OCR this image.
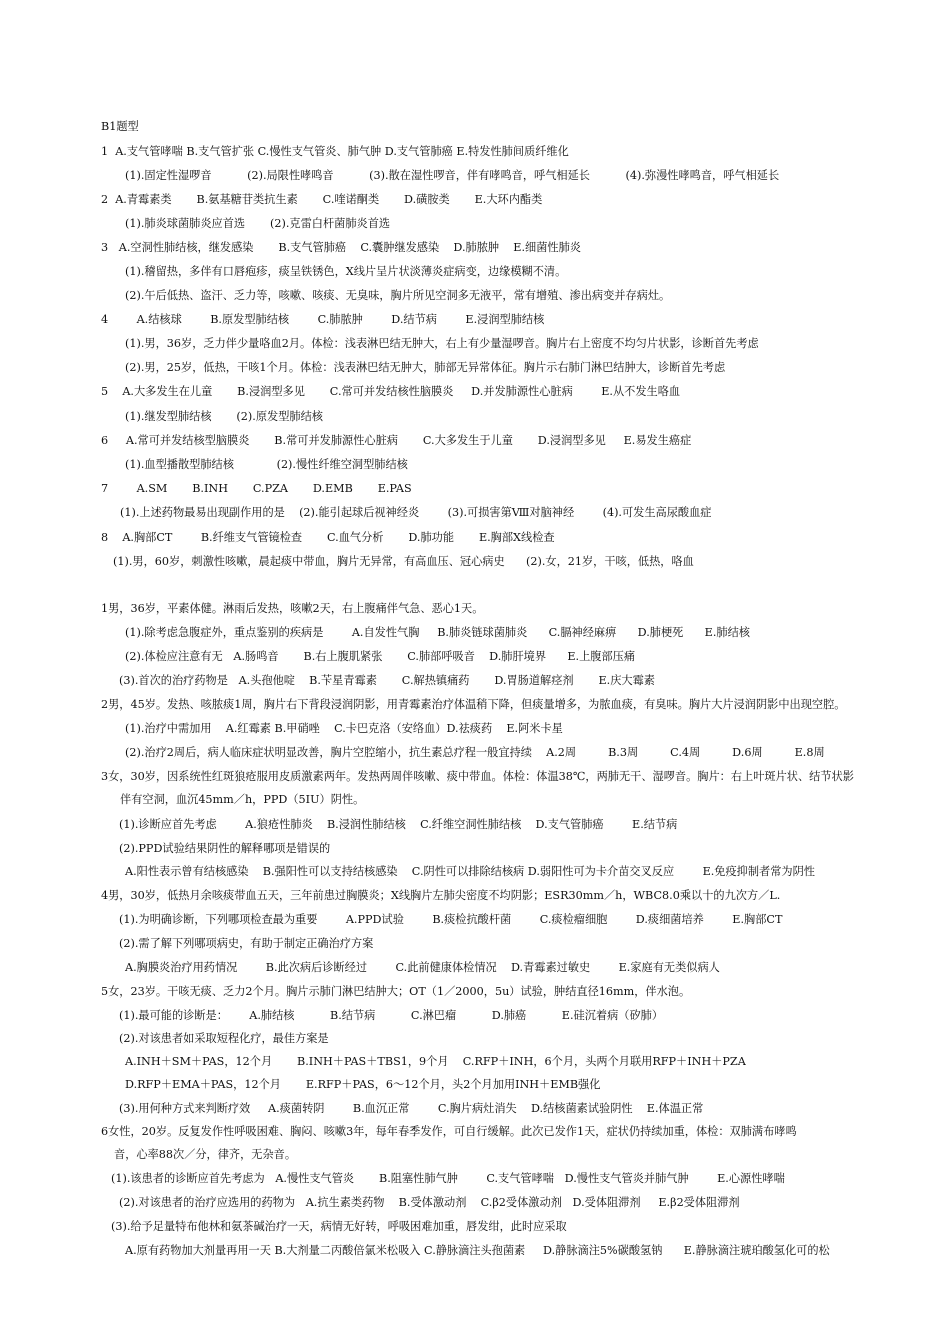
B1题型
1  A.支气管哮喘 B.支气管扩张 C.慢性支气管炎、肺气肿 D.支气管肺癌 E.特发性肺间质纤维化
(1).固定性湿啰音          (2).局限性哮鸣音          (3).散在湿性啰音，伴有哮鸣音，呼气相延长          (4).弥漫性哮鸣音，呼气相延长
2  A.青霉素类       B.氨基糖苷类抗生素       C.喹诺酮类       D.磺胺类       E.大环内酯类
(1).肺炎球菌肺炎应首选       (2).克雷白杆菌肺炎首选
3   A.空洞性肺结核，继发感染       B.支气管肺癌    C.囊肿继发感染    D.肺脓肿    E.细菌性肺炎
(1).稽留热，多伴有口唇疱疹，痰呈铁锈色，X线片呈片状淡薄炎症病变，边缘模糊不清。
(2).午后低热、盗汗、乏力等，咳嗽、咳痰、无臭味，胸片所见空洞多无液平，常有增殖、渗出病变并存病灶。
4        A.结核球        B.原发型肺结核        C.肺脓肿        D.结节病        E.浸润型肺结核
(1).男，36岁，乏力伴少量咯血2月。体检：浅表淋巴结无肿大，右上有少量湿啰音。胸片右上密度不均匀片状影，诊断首先考虑
(2).男，25岁，低热，干咳1个月。体检：浅表淋巴结无肿大，肺部无异常体征。胸片示右肺门淋巴结肿大，诊断首先考虑
5    A.大多发生在儿童       B.浸润型多见       C.常可并发结核性脑膜炎     D.并发肺源性心脏病        E.从不发生咯血
(1).继发型肺结核       (2).原发型肺结核
6     A.常可并发结核型脑膜炎       B.常可并发肺源性心脏病       C.大多发生于儿童       D.浸润型多见     E.易发生癌症
(1).血型播散型肺结核            (2).慢性纤维空洞型肺结核
7        A.SM       B.INH       C.PZA       D.EMB       E.PAS
(1).上述药物最易出现副作用的是    (2).能引起球后视神经炎        (3).可损害第Ⅷ对脑神经        (4).可发生高尿酸血症
8    A.胸部CT        B.纤维支气管镜检查       C.血气分析       D.肺功能       E.胸部X线检查
(1).男，60岁，刺激性咳嗽，晨起痰中带血，胸片无异常，有高血压、冠心病史      (2).女，21岁，干咳，低热，咯血
1男，36岁，平素体健。淋雨后发热，咳嗽2天，右上腹痛伴气急、恶心1天。
(1).除考虑急腹症外，重点鉴别的疾病是        A.自发性气胸     B.肺炎链球菌肺炎      C.膈神经麻痹      D.肺梗死      E.肺结核
(2).体检应注意有无   A.肠鸣音       B.右上腹肌紧张       C.肺部呼吸音    D.肺肝境界      E.上腹部压痛
(3).首次的治疗药物是   A.头孢他啶    B.苄星青霉素       C.解热镇痛药       D.胃肠道解痉剂       E.庆大霉素
2男，45岁。发热、咳脓痰1周，胸片右下背段浸润阴影，用青霉素治疗体温稍下降，但痰量增多，为脓血痰，有臭味。胸片大片浸润阴影中出现空腔。
(1).治疗中需加用    A.红霉素 B.甲硝唑    C.卡巴克洛（安络血）D.祛痰药    E.阿米卡星
(2).治疗2周后，病人临床症状明显改善，胸片空腔缩小，抗生素总疗程一般宜持续    A.2周         B.3周         C.4周         D.6周         E.8周
3女，30岁，因系统性红斑狼疮服用皮质激素两年。发热两周伴咳嗽、痰中带血。体检：体温38℃，两肺无干、湿啰音。胸片：右上叶斑片状、结节状影
伴有空洞，血沉45mm／h，PPD（5IU）阴性。
(1).诊断应首先考虑        A.狼疮性肺炎    B.浸润性肺结核    C.纤维空洞性肺结核    D.支气管肺癌        E.结节病
(2).PPD试验结果阴性的解释哪项是错误的
A.阳性表示曾有结核感染    B.强阳性可以支持结核感染    C.阴性可以排除结核病 D.弱阳性可为卡介苗交叉反应        E.免疫抑制者常为阴性
4男，30岁，低热月余咳痰带血五天，三年前患过胸膜炎；X线胸片左肺尖密度不均阴影；ESR30mm／h，WBC8.0乘以十的九次方／L.
(1).为明确诊断，下列哪项检查最为重要        A.PPD试验        B.痰检抗酸杆菌        C.痰检瘤细胞        D.痰细菌培养        E.胸部CT
(2).需了解下列哪项病史，有助于制定正确治疗方案
A.胸膜炎治疗用药情况        B.此次病后诊断经过        C.此前健康体检情况    D.青霉素过敏史        E.家庭有无类似病人
5女，23岁。干咳无痰、乏力2个月。胸片示肺门淋巴结肿大；OT（1／2000，5u）试验，肿结直径16mm，伴水泡。
(1).最可能的诊断是：      A.肺结核          B.结节病          C.淋巴瘤          D.肺癌          E.硅沉着病（矽肺）
(2).对该患者如采取短程化疗，最佳方案是
A.INH＋SM＋PAS，12个月       B.INH＋PAS＋TBS1，9个月    C.RFP＋INH，6个月，头两个月联用RFP＋INH＋PZA
D.RFP＋EMA＋PAS，12个月       E.RFP＋PAS，6～12个月，头2个月加用INH＋EMB强化
(3).用何种方式来判断疗效     A.痰菌转阴        B.血沉正常        C.胸片病灶消失    D.结核菌素试验阴性    E.体温正常
6女性，20岁。反复发作性呼吸困难、胸闷、咳嗽3年，每年春季发作，可自行缓解。此次已发作1天，症状仍持续加重，体检：双肺满布哮鸣
音，心率88次／分，律齐，无杂音。
(1).该患者的诊断应首先考虑为   A.慢性支气管炎       B.阻塞性肺气肿        C.支气管哮喘   D.慢性支气管炎并肺气肿        E.心源性哮喘
(2).对该患者的治疗应选用的药物为   A.抗生素类药物    B.受体激动剂    C.β2受体激动剂   D.受体阻滞剂     E.β2受体阻滞剂
(3).给予足量特布他林和氨茶碱治疗一天，病情无好转，呼吸困难加重，唇发绀，此时应采取
A.原有药物加大剂量再用一天 B.大剂量二丙酸倍氯米松吸入 C.静脉滴注头孢菌素     D.静脉滴注5%碳酸氢钠      E.静脉滴注琥珀酸氢化可的松
